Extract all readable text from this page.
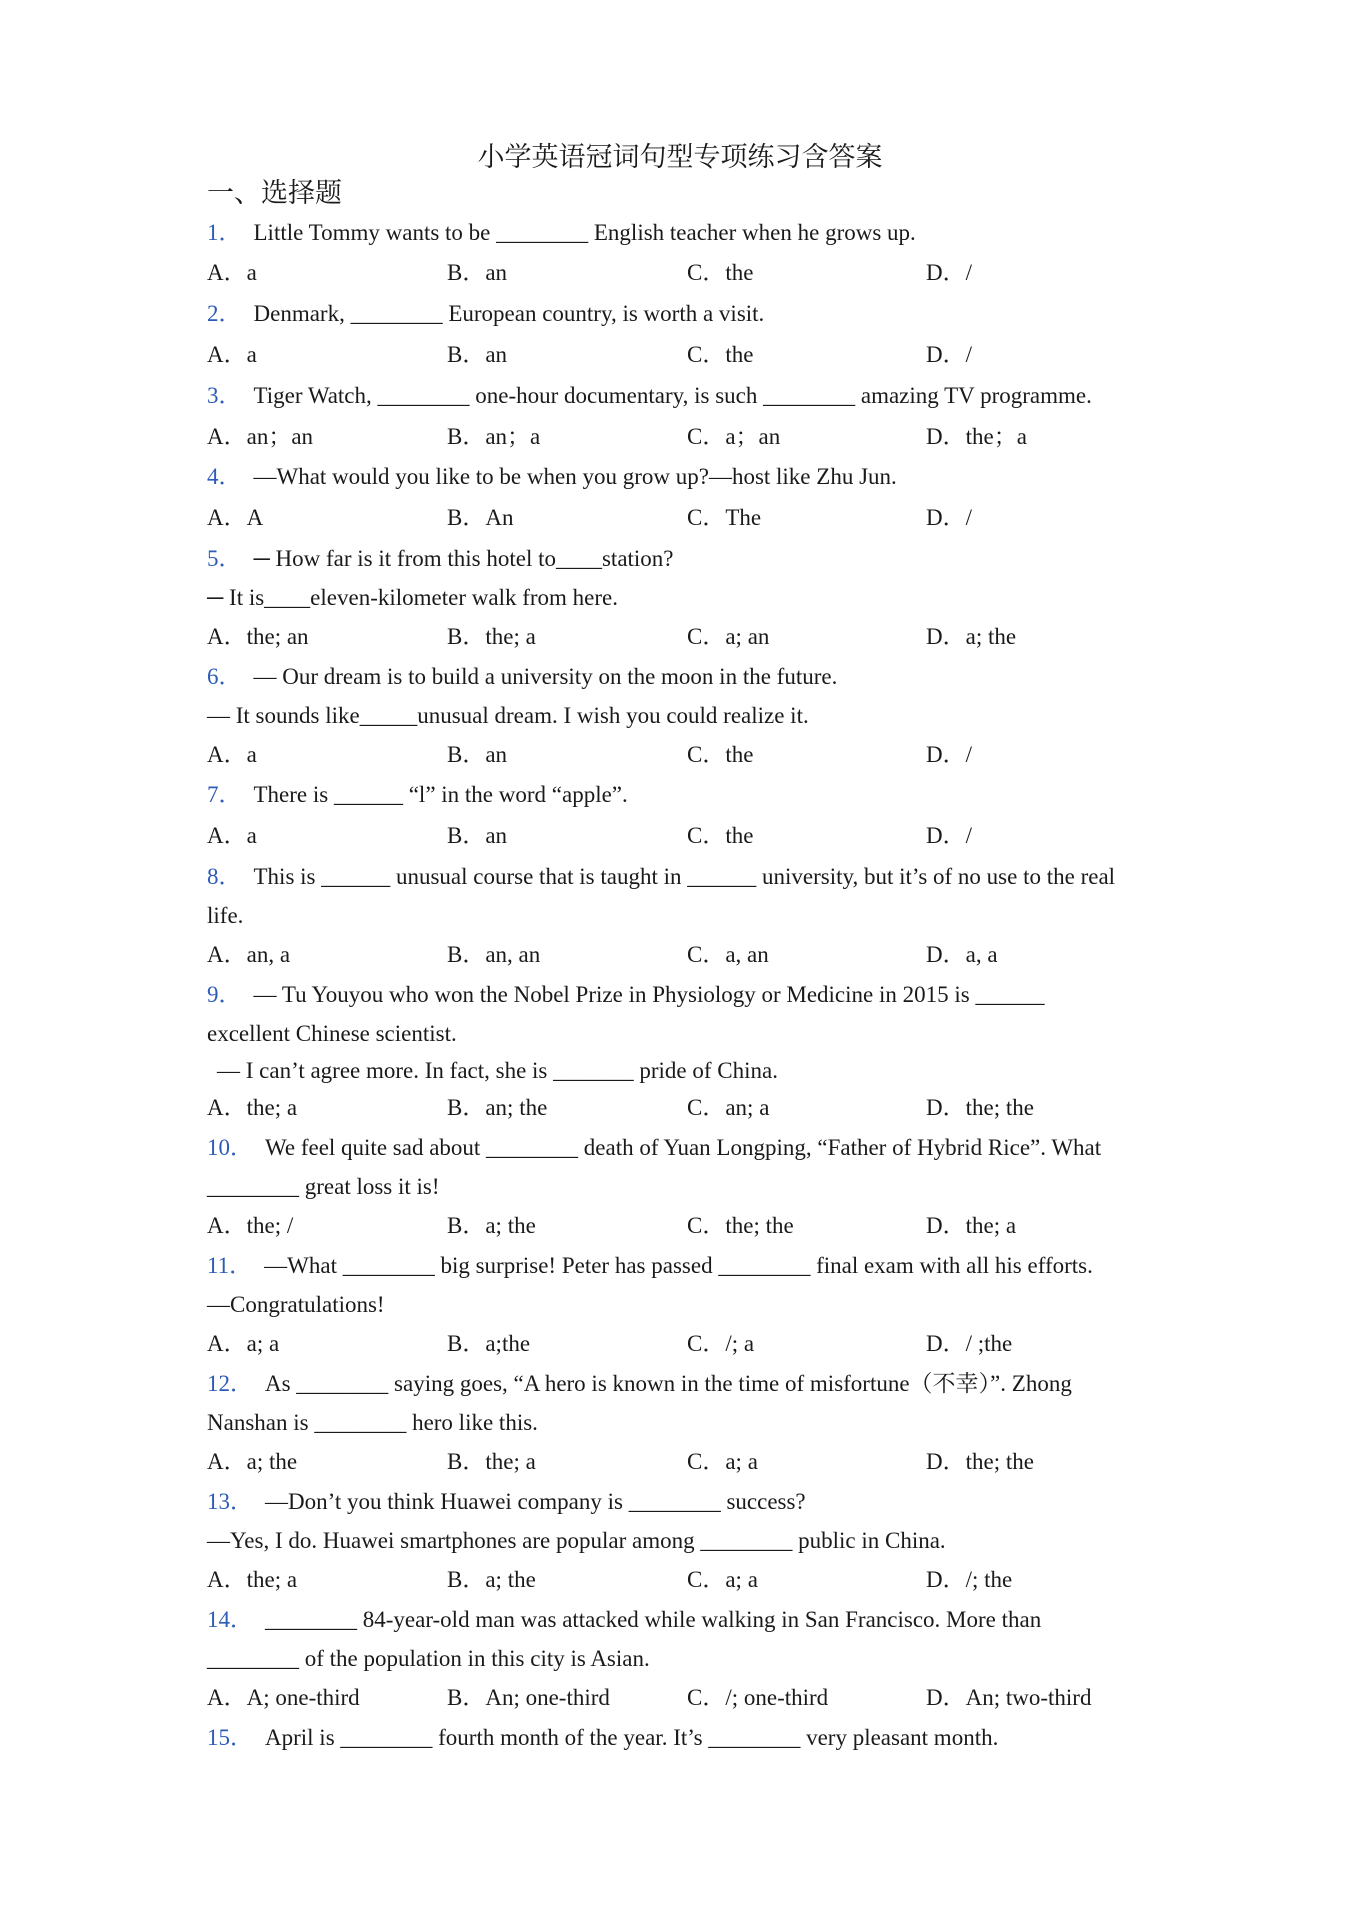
小学英语冠词句型专项练习含答案
一、选择题
1． Little Tommy wants to be ________ English teacher when he grows up.
A．a	B．an	C．the	D．/
2． Denmark, ________ European country, is worth a visit.
A．a	B．an	C．the	D．/
3． Tiger Watch, ________ one-hour documentary, is such ________ amazing TV programme.
A．an；an	B．an；a	C．a；an	D．the；a
4． —What would you like to be when you grow up?—host like Zhu Jun.
A．A	B．An	C．The	D．/
5． ─ How far is it from this hotel to____station?
─ It is____eleven-kilometer walk from here.
A．the; an	B．the; a	C．a; an	D．a; the
6． — Our dream is to build a university on the moon in the future.
— It sounds like_____unusual dream. I wish you could realize it.
A．a	B．an	C．the	D．/
7． There is ______ “l” in the word “apple”.
A．a	B．an	C．the	D．/
8． This is ______ unusual course that is taught in ______ university, but it’s of no use to the real
life.
A．an, a	B．an, an	C．a, an	D．a, a
9． — Tu Youyou who won the Nobel Prize in Physiology or Medicine in 2015 is ______
excellent Chinese scientist.
— I can’t agree more. In fact, she is _______ pride of China.
A．the; a	B．an; the	C．an; a	D．the; the
10． We feel quite sad about ________ death of Yuan Longping, “Father of Hybrid Rice”. What
________ great loss it is!
A．the; /	B．a; the	C．the; the	D．the; a
11． —What ________ big surprise! Peter has passed ________ final exam with all his efforts.
—Congratulations!
A．a; a	B．a;the	C．/; a	D．/ ;the
12． As ________ saying goes, “A hero is known in the time of misfortune（不幸）”. Zhong
Nanshan is ________ hero like this.
A．a; the	B．the; a	C．a; a	D．the; the
13． —Don’t you think Huawei company is ________ success?
—Yes, I do. Huawei smartphones are popular among ________ public in China.
A．the; a	B．a; the	C．a; a	D．/; the
14． ________ 84-year-old man was attacked while walking in San Francisco. More than
________ of the population in this city is Asian.
A．A; one-third	B．An; one-third	C．/; one-third	D．An; two-third
15． April is ________ fourth month of the year. It’s ________ very pleasant month.
